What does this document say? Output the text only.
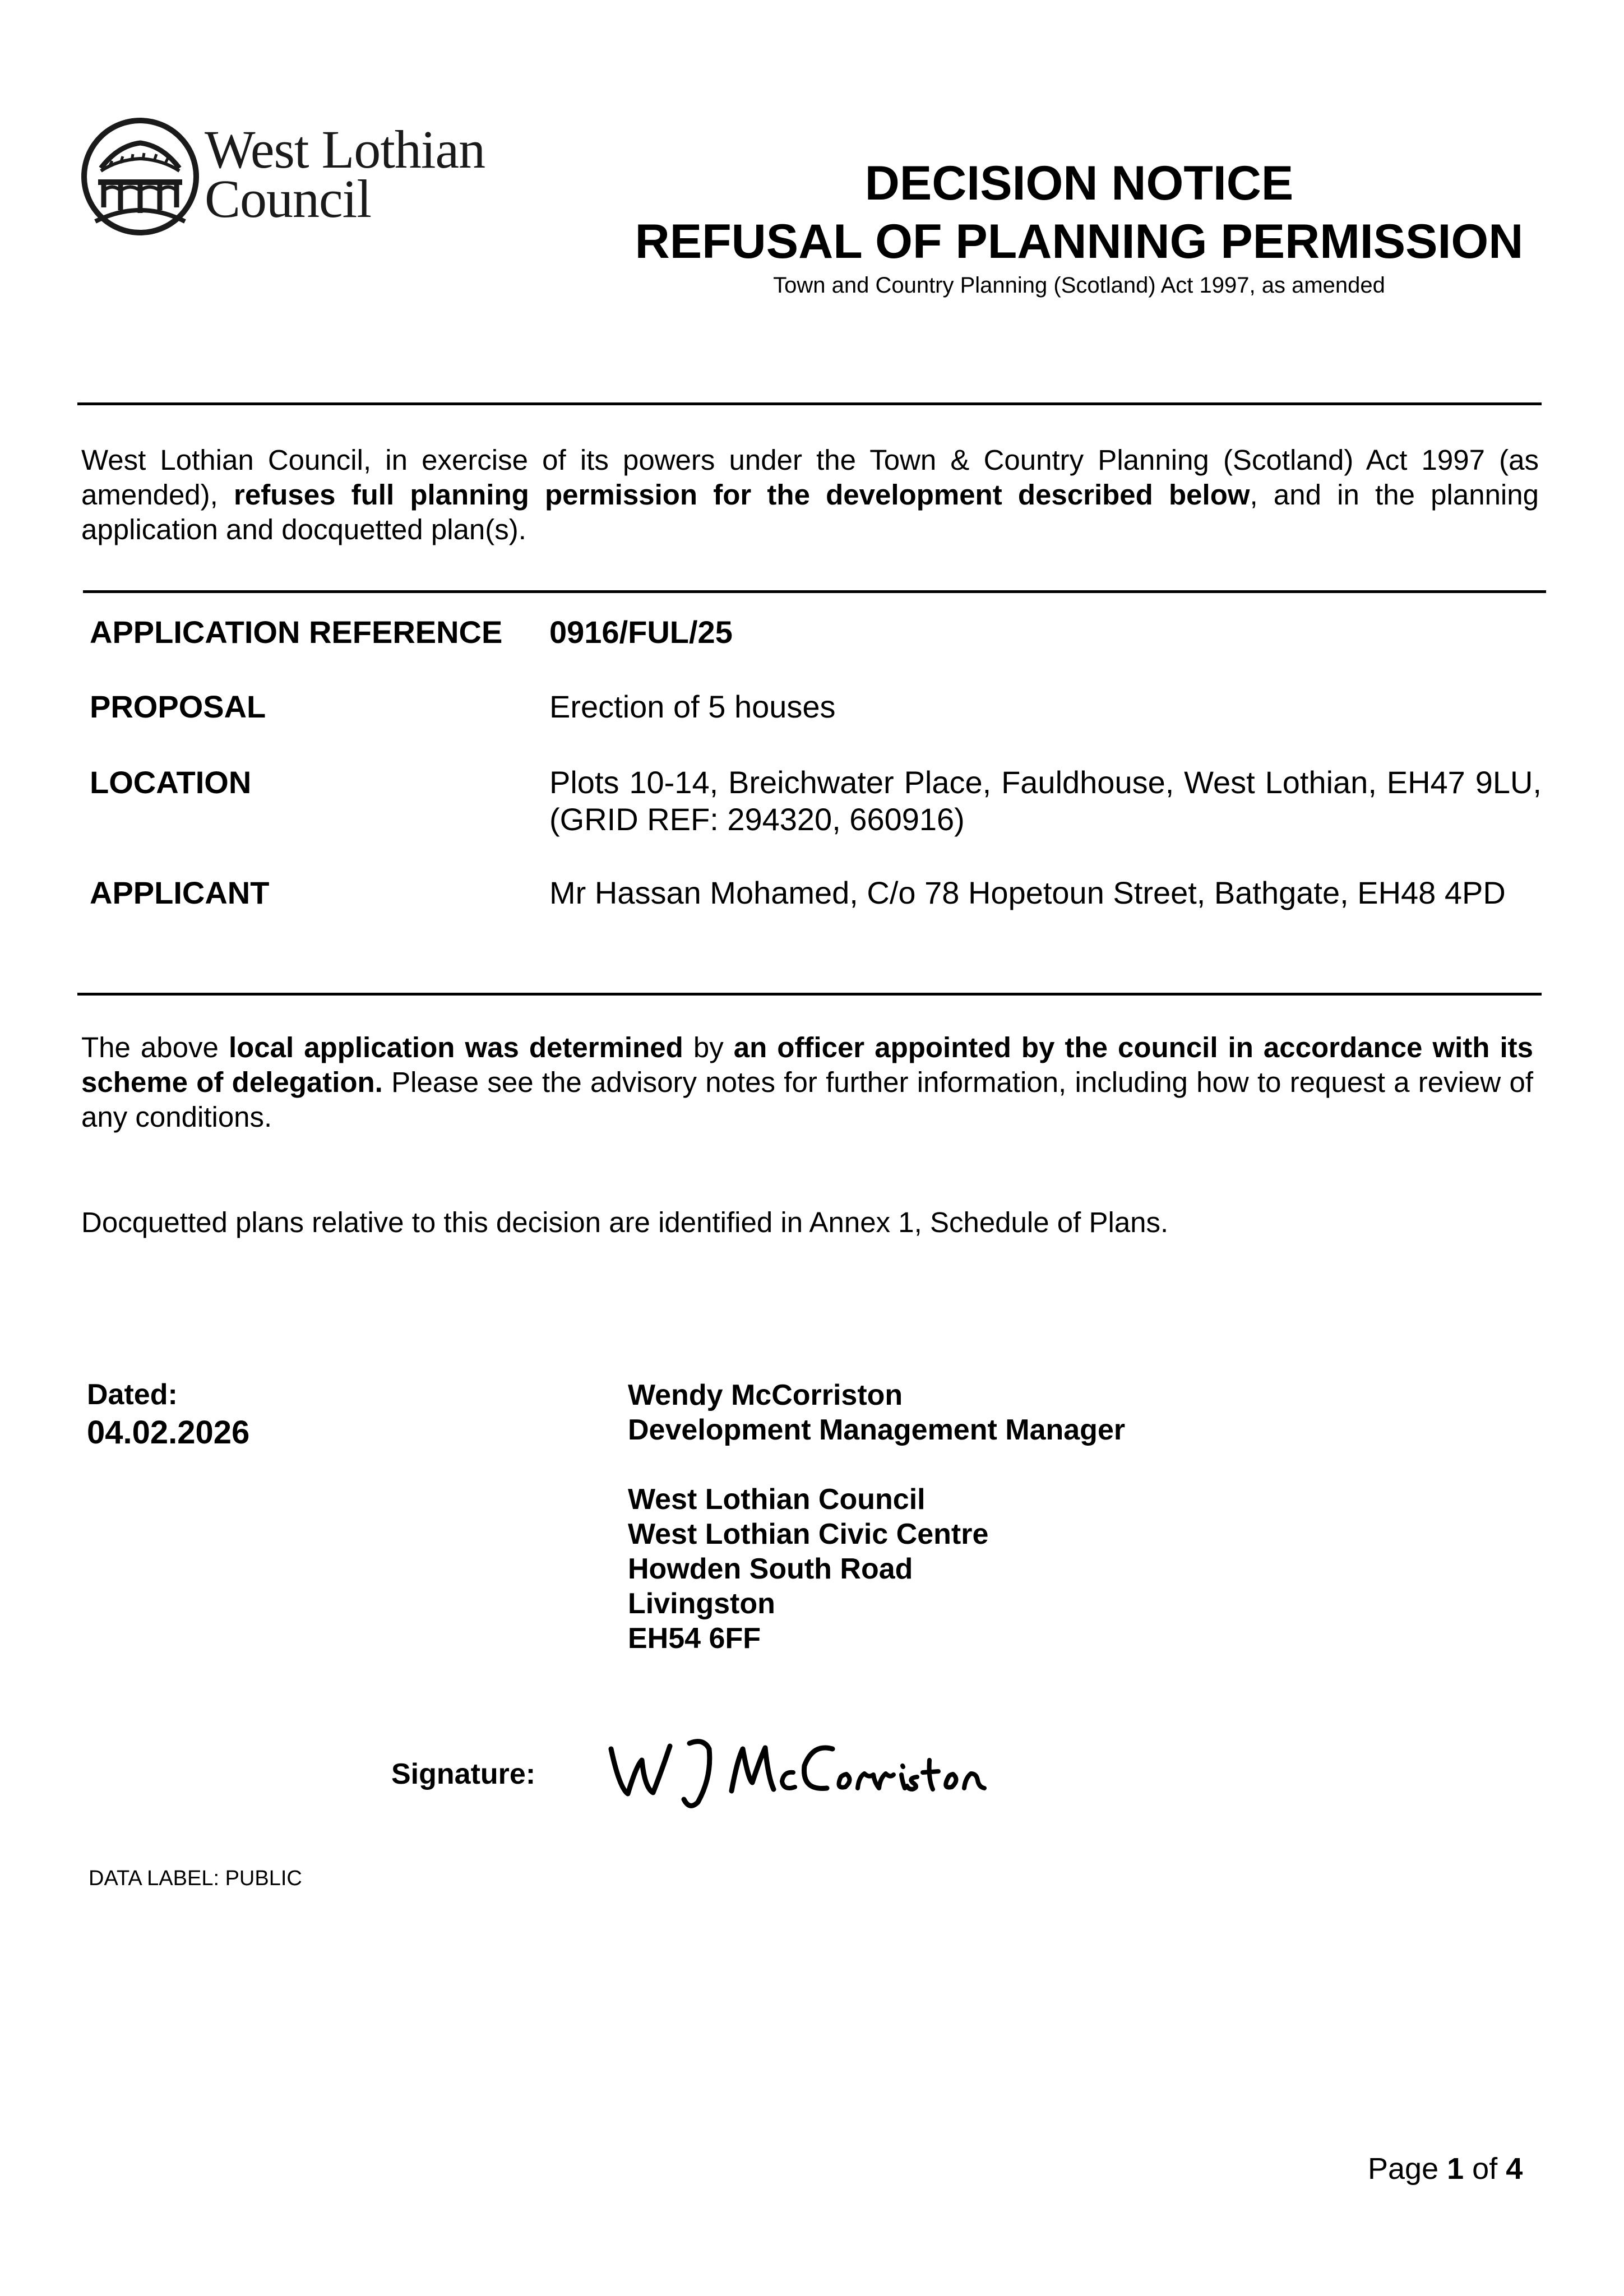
West Lothian
Council	DECISION NOTICE
REFUSAL OF PLANNING PERMISSION
Town and Country Planning (Scotland) Act 1997, as amended
West Lothian Council, in exercise of its powers under the Town & Country Planning (Scotland) Act 1997 (as amended), refuses full planning permission for the development described below, and in the planning application and docquetted plan(s).
APPLICATION REFERENCE 0916/FUL/25
PROPOSAL	Erection of 5 houses
LOCATION	Plots 10-14, Breichwater Place, Fauldhouse, West Lothian, EH47 9LU, (GRID REF: 294320, 660916)
APPLICANT	Mr Hassan Mohamed, C/o 78 Hopetoun Street, Bathgate, EH48 4PD
The above local application was determined by an officer appointed by the council in accordance with its scheme of delegation. Please see the advisory notes for further information, including how to request a review of any conditions.
Docquetted plans relative to this decision are identified in Annex 1, Schedule of Plans.
Dated:
04.02.2026
Wendy McCorriston
Development Management Manager
West Lothian Council
West Lothian Civic Centre
Howden South Road
Livingston
EH54 6FF
Signature:
DATA LABEL: PUBLIC
Page 1 of 4
